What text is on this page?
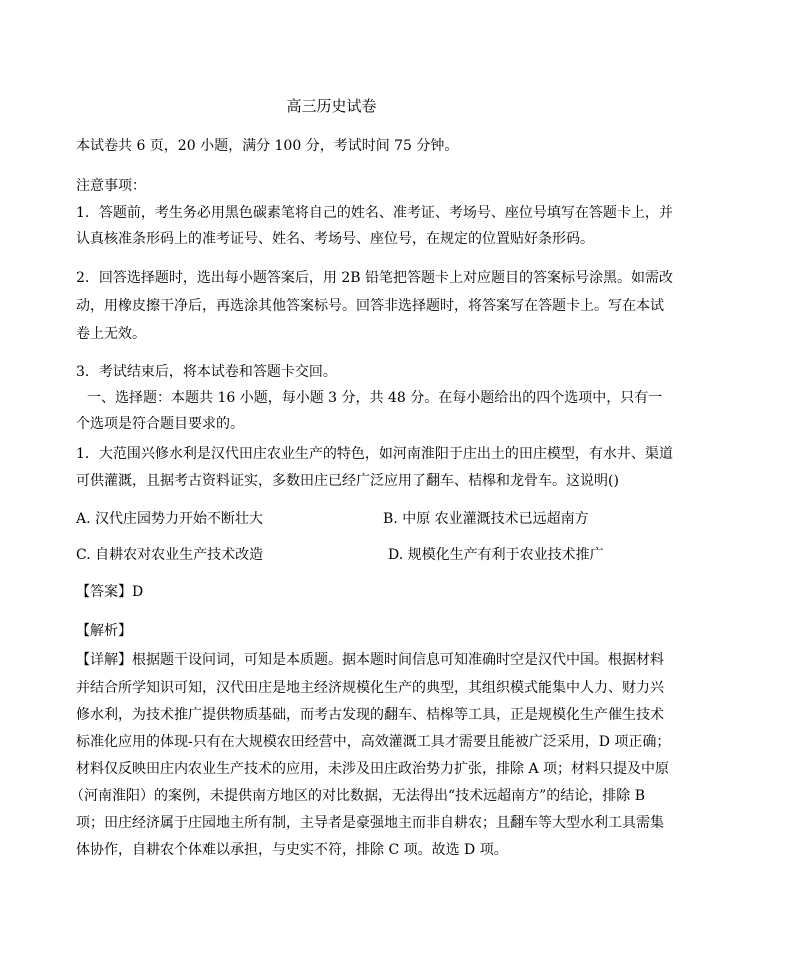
高三历史试卷
本试卷共 6 页，20 小题，满分 100 分，考试时间 75 分钟。
注意事项：
1．答题前，考生务必用黑色碳素笔将自己的姓名、准考证、考场号、座位号填写在答题卡上，并
认真核准条形码上的准考证号、姓名、考场号、座位号，在规定的位置贴好条形码。
2．回答选择题时，选出每小题答案后，用 2B 铅笔把答题卡上对应题目的答案标号涂黑。如需改
动，用橡皮擦干净后，再选涂其他答案标号。回答非选择题时，将答案写在答题卡上。写在本试
卷上无效。
3．考试结束后，将本试卷和答题卡交回。
一、选择题：本题共 16 小题，每小题 3 分，共 48 分。在每小题给出的四个选项中，只有一
个选项是符合题目要求的。
1．大范围兴修水利是汉代田庄农业生产的特色，如河南淮阳于庄出土的田庄模型，有水井、渠道
可供灌溉，且据考古资料证实，多数田庄已经广泛应用了翻车、桔槔和龙骨车。这说明()
A. 汉代庄园势力开始不断壮大	B. 中原 农业灌溉技术已远超南方
C. 自耕农对农业生产技术改造	D. 规模化生产有利于农业技术推广
【答案】D
【解析】
【详解】根据题干设问词，可知是本质题。据本题时间信息可知准确时空是汉代中国。根据材料
并结合所学知识可知，汉代田庄是地主经济规模化生产的典型，其组织模式能集中人力、财力兴
修水利，为技术推广提供物质基础，而考古发现的翻车、桔槔等工具，正是规模化生产催生技术
标准化应用的体现-只有在大规模农田经营中，高效灌溉工具才需要且能被广泛采用，D 项正确；
材料仅反映田庄内农业生产技术的应用，未涉及田庄政治势力扩张，排除 A 项；材料只提及中原
（河南淮阳）的案例，未提供南方地区的对比数据，无法得出“技术远超南方”的结论，排除 B
项；田庄经济属于庄园地主所有制，主导者是豪强地主而非自耕农；且翻车等大型水利工具需集
体协作，自耕农个体难以承担，与史实不符，排除 C 项。故选 D 项。
